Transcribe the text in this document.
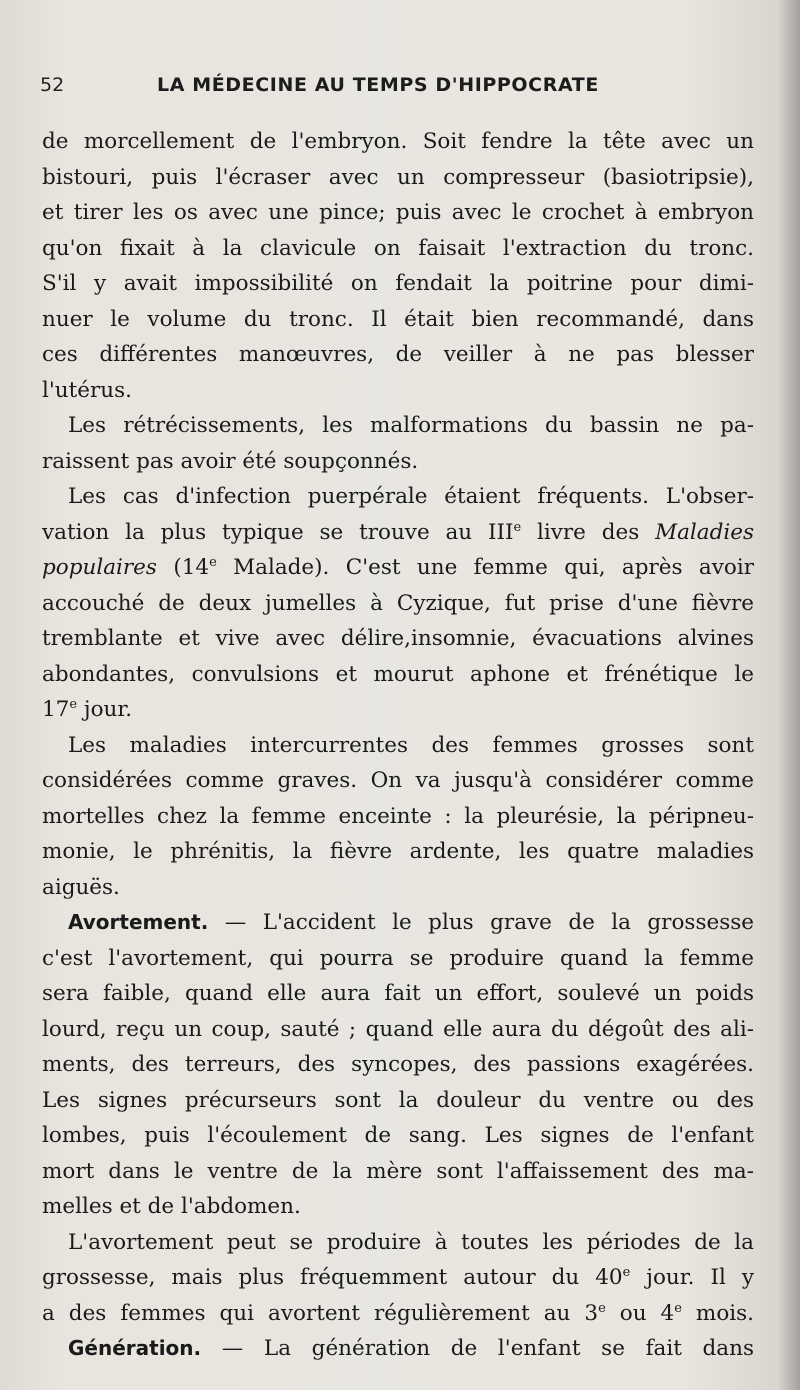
52	LA MÉDECINE AU TEMPS D'HIPPOCRATE
de morcellement de l'embryon. Soit fendre la tête avec un
bistouri, puis l'écraser avec un compresseur (basiotripsie),
et tirer les os avec une pince; puis avec le crochet à embryon
qu'on fixait à la clavicule on faisait l'extraction du tronc.
S'il y avait impossibilité on fendait la poitrine pour dimi-
nuer le volume du tronc. Il était bien recommandé, dans
ces différentes manœuvres, de veiller à ne pas blesser
l'utérus.
Les rétrécissements, les malformations du bassin ne pa-
raissent pas avoir été soupçonnés.
Les cas d'infection puerpérale étaient fréquents. L'obser-
vation la plus typique se trouve au IIIe livre des Maladies
populaires (14e Malade). C'est une femme qui, après avoir
accouché de deux jumelles à Cyzique, fut prise d'une fièvre
tremblante et vive avec délire,insomnie, évacuations alvines
abondantes, convulsions et mourut aphone et frénétique le
17e jour.
Les maladies intercurrentes des femmes grosses sont
considérées comme graves. On va jusqu'à considérer comme
mortelles chez la femme enceinte : la pleurésie, la péripneu-
monie, le phrénitis, la fièvre ardente, les quatre maladies
aiguës.
Avortement. — L'accident le plus grave de la grossesse
c'est l'avortement, qui pourra se produire quand la femme
sera faible, quand elle aura fait un effort, soulevé un poids
lourd, reçu un coup, sauté ; quand elle aura du dégoût des ali-
ments, des terreurs, des syncopes, des passions exagérées.
Les signes précurseurs sont la douleur du ventre ou des
lombes, puis l'écoulement de sang. Les signes de l'enfant
mort dans le ventre de la mère sont l'affaissement des ma-
melles et de l'abdomen.
L'avortement peut se produire à toutes les périodes de la
grossesse, mais plus fréquemment autour du 40e jour. Il y
a des femmes qui avortent régulièrement au 3e ou 4e mois.
Génération. — La génération de l'enfant se fait dans
